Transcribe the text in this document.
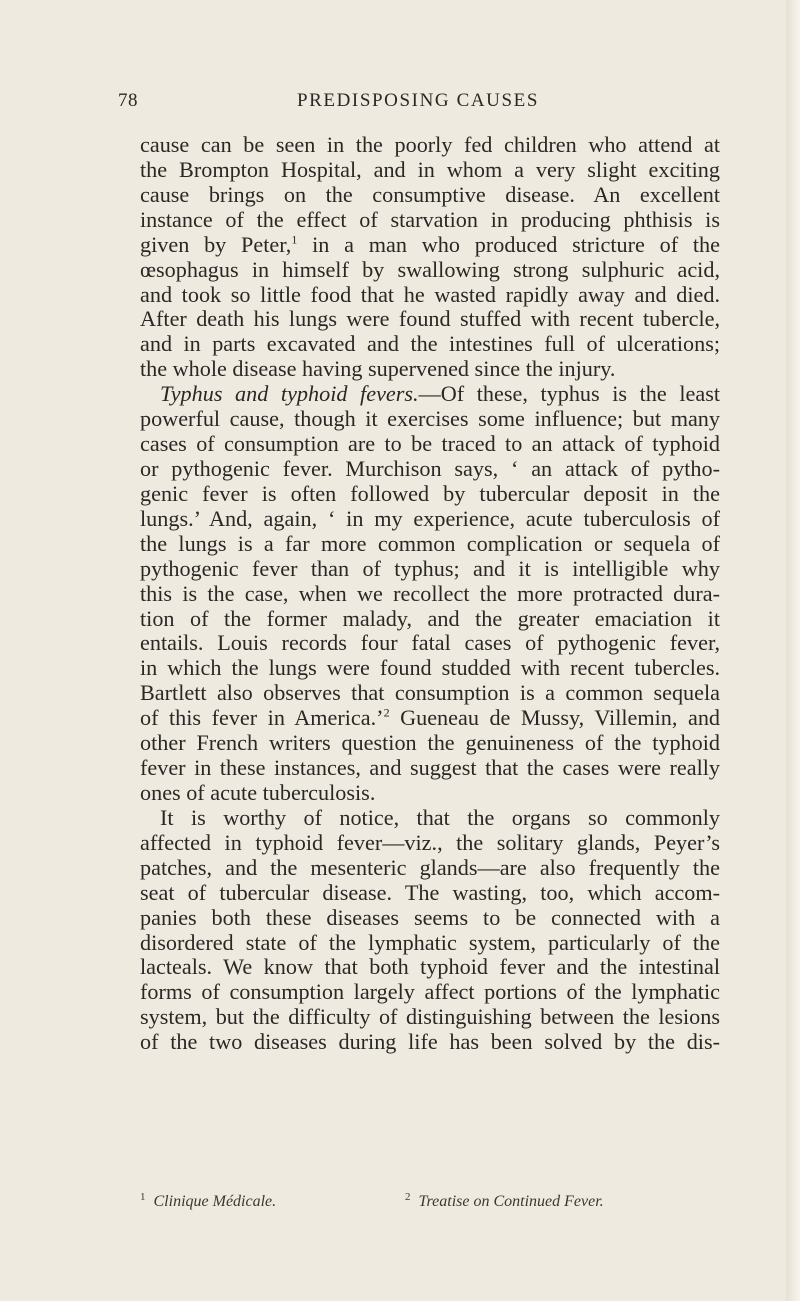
78	PREDISPOSING CAUSES
cause can be seen in the poorly fed children who attend at
the Brompton Hospital, and in whom a very slight exciting
cause brings on the consumptive disease. An excellent
instance of the effect of starvation in producing phthisis is
given by Peter,$^1$ in a man who produced stricture of the
œsophagus in himself by swallowing strong sulphuric acid,
and took so little food that he wasted rapidly away and died.
After death his lungs were found stuffed with recent tubercle,
and in parts excavated and the intestines full of ulcerations;
the whole disease having supervened since the injury.
Typhus and typhoid fevers.—Of these, typhus is the least
powerful cause, though it exercises some influence; but many
cases of consumption are to be traced to an attack of typhoid
or pythogenic fever. Murchison says, ‘ an attack of pytho-
genic fever is often followed by tubercular deposit in the
lungs.’ And, again, ‘ in my experience, acute tuberculosis of
the lungs is a far more common complication or sequela of
pythogenic fever than of typhus; and it is intelligible why
this is the case, when we recollect the more protracted dura-
tion of the former malady, and the greater emaciation it
entails. Louis records four fatal cases of pythogenic fever,
in which the lungs were found studded with recent tubercles.
Bartlett also observes that consumption is a common sequela
of this fever in America.’$^2$ Gueneau de Mussy, Villemin, and
other French writers question the genuineness of the typhoid
fever in these instances, and suggest that the cases were really
ones of acute tuberculosis.
It is worthy of notice, that the organs so commonly
affected in typhoid fever—viz., the solitary glands, Peyer’s
patches, and the mesenteric glands—are also frequently the
seat of tubercular disease. The wasting, too, which accom-
panies both these diseases seems to be connected with a
disordered state of the lymphatic system, particularly of the
lacteals. We know that both typhoid fever and the intestinal
forms of consumption largely affect portions of the lymphatic
system, but the difficulty of distinguishing between the lesions
of the two diseases during life has been solved by the dis-
$^1$ Clinique Médicale.	$^2$ Treatise on Continued Fever.
